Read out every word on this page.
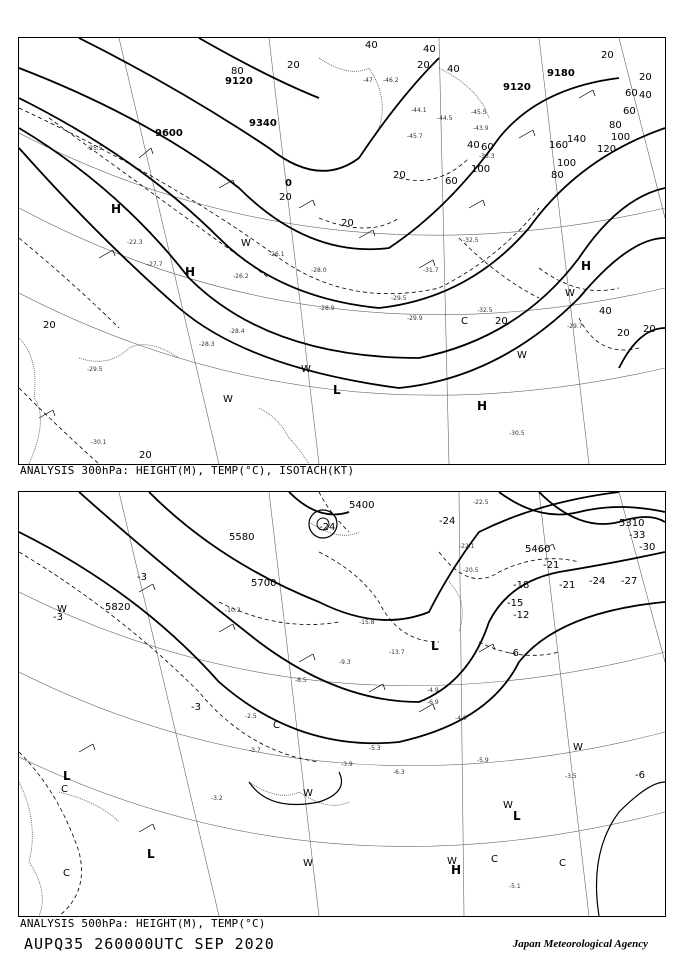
H
H	H
H
L
C
W
W
W
W
W
9120
9340
9600
9120
9180
0
40
20	40
20
60 40
60
80
100
120
140
160
100
80
60
40
20
20
20
20
20
40
20
20 20
20
40
20
80
60
100
-47 -46.2
-45.7
-44.1	-45.5
-43.9
-44.5
-33.3
-32.5
-31.7
-29.5
-25.5
-26.2
-28.4
-29.9
-30.5
-32.5
-29.7
-27.7
-28.0
-28.3
-29.5
-30.1
-22.3
-28.9
-26.1
ANALYSIS 300hPa: HEIGHT(M), TEMP(°C), ISOTACH(KT)
L
L
L
L
H
C
C
C	C
C
W
W
W
W
W
W
5400
5580
5700
5820
5310
5460
-24
-24
-18
-15
-12
-6
-3
-3
-21 -24 -27
-30
-33
-21
-3
-6
-22.5
-22.1
-20.5
-15.8
-13.7
-10.3
-9.3
-8.5
-6.9
-5.3
-4.9
-3.9
-3.7
-3.5
-3.2
-5.1
-5.9
-4.0
-6.3
-2.5
ANALYSIS 500hPa: HEIGHT(M), TEMP(°C)
AUPQ35 260000UTC SEP 2020	Japan Meteorological Agency
